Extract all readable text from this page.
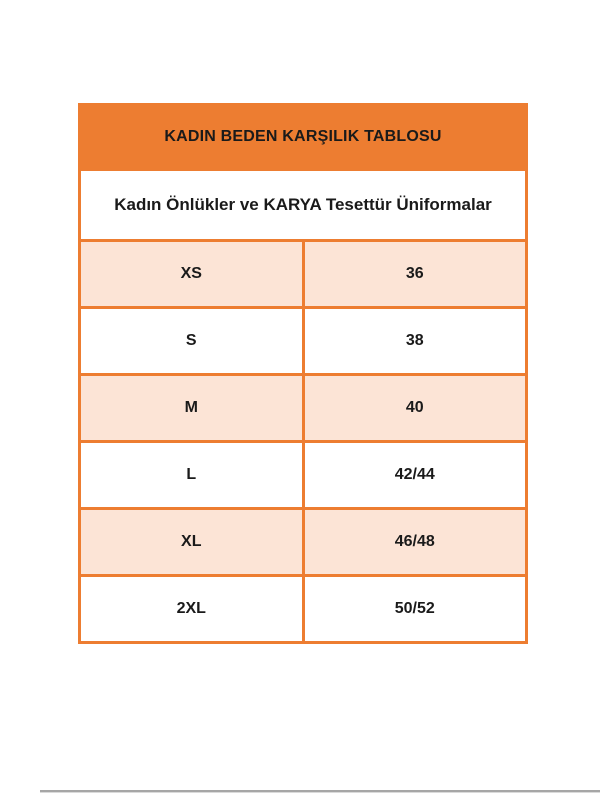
KADIN BEDEN KARŞILIK TABLOSU	
Kadın Önlükler ve KARYA Tesettür Üniformalar	
XS	36
S	38
M	40
L	42/44
XL	46/48
2XL	50/52
